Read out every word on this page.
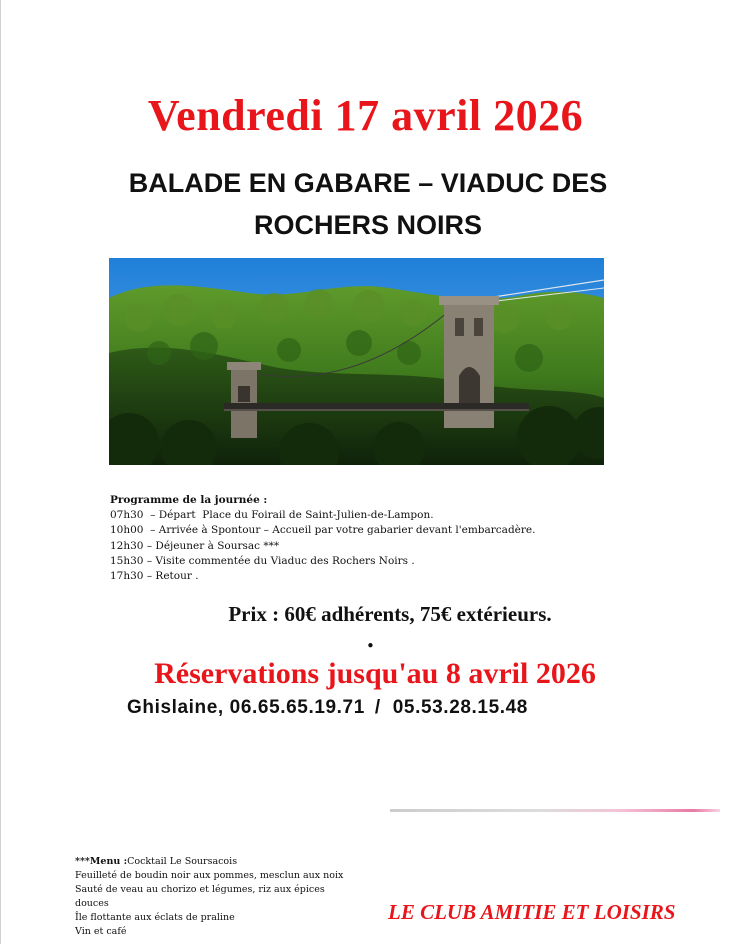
Vendredi 17 avril 2026
BALADE EN GABARE – VIADUC DES
ROCHERS NOIRS
Programme de la journée :
07h30  – Départ  Place du Foirail de Saint-Julien-de-Lampon.
10h00  – Arrivée à Spontour – Accueil par votre gabarier devant l'embarcadère.
12h30 – Déjeuner à Soursac ***
15h30 – Visite commentée du Viaduc des Rochers Noirs .
17h30 – Retour .
Prix : 60€ adhérents, 75€ extérieurs.
•
Réservations jusqu'au 8 avril 2026
Ghislaine, 06.65.65.19.71 / 05.53.28.15.48
***Menu :Cocktail Le Soursacois
Feuilleté de boudin noir aux pommes, mesclun aux noix
Sauté de veau au chorizo et légumes, riz aux épices
douces
Île flottante aux éclats de praline
Vin et café
LE CLUB AMITIE ET LOISIRS
